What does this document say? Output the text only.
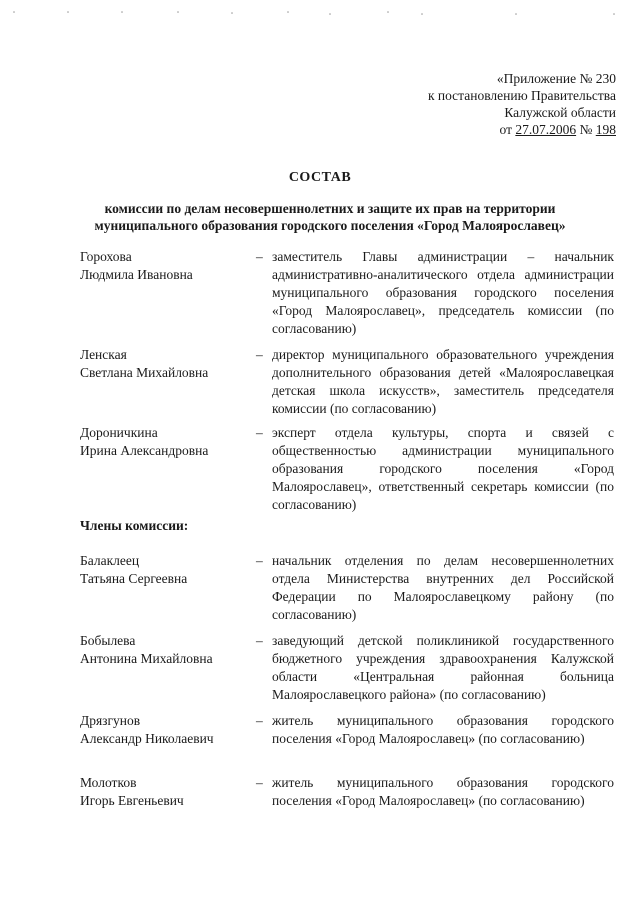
«Приложение № 230
к постановлению Правительства
Калужской области
от 27.07.2006 № 198
СОСТАВ
комиссии по делам несовершеннолетних и защите их прав на территории
муниципального образования городского поселения «Город Малоярославец»
Горохова
Людмила Ивановна
– заместитель Главы администрации – начальник административно-аналитического отдела администрации муниципального образования городского поселения «Город Малоярославец», председатель комиссии (по согласованию)
Ленская
Светлана Михайловна
– директор муниципального образовательного учреждения дополнительного образования детей «Малоярославецкая детская школа искусств», заместитель председателя комиссии (по согласованию)
Дороничкина
Ирина Александровна
– эксперт отдела культуры, спорта и связей с общественностью администрации муниципального образования городского поселения «Город Малоярославец», ответственный секретарь комиссии (по согласованию)
Члены комиссии:
Балаклеец
Татьяна Сергеевна
– начальник отделения по делам несовершеннолетних отдела Министерства внутренних дел Российской Федерации по Малоярославецкому району (по согласованию)
Бобылева
Антонина Михайловна
– заведующий детской поликлиникой государственного бюджетного учреждения здравоохранения Калужской области «Центральная районная больница Малоярославецкого района» (по согласованию)
Дрязгунов
Александр Николаевич
– житель муниципального образования городского поселения «Город Малоярославец» (по согласованию)
Молотков
Игорь Евгеньевич
– житель муниципального образования городского поселения «Город Малоярославец» (по согласованию)
